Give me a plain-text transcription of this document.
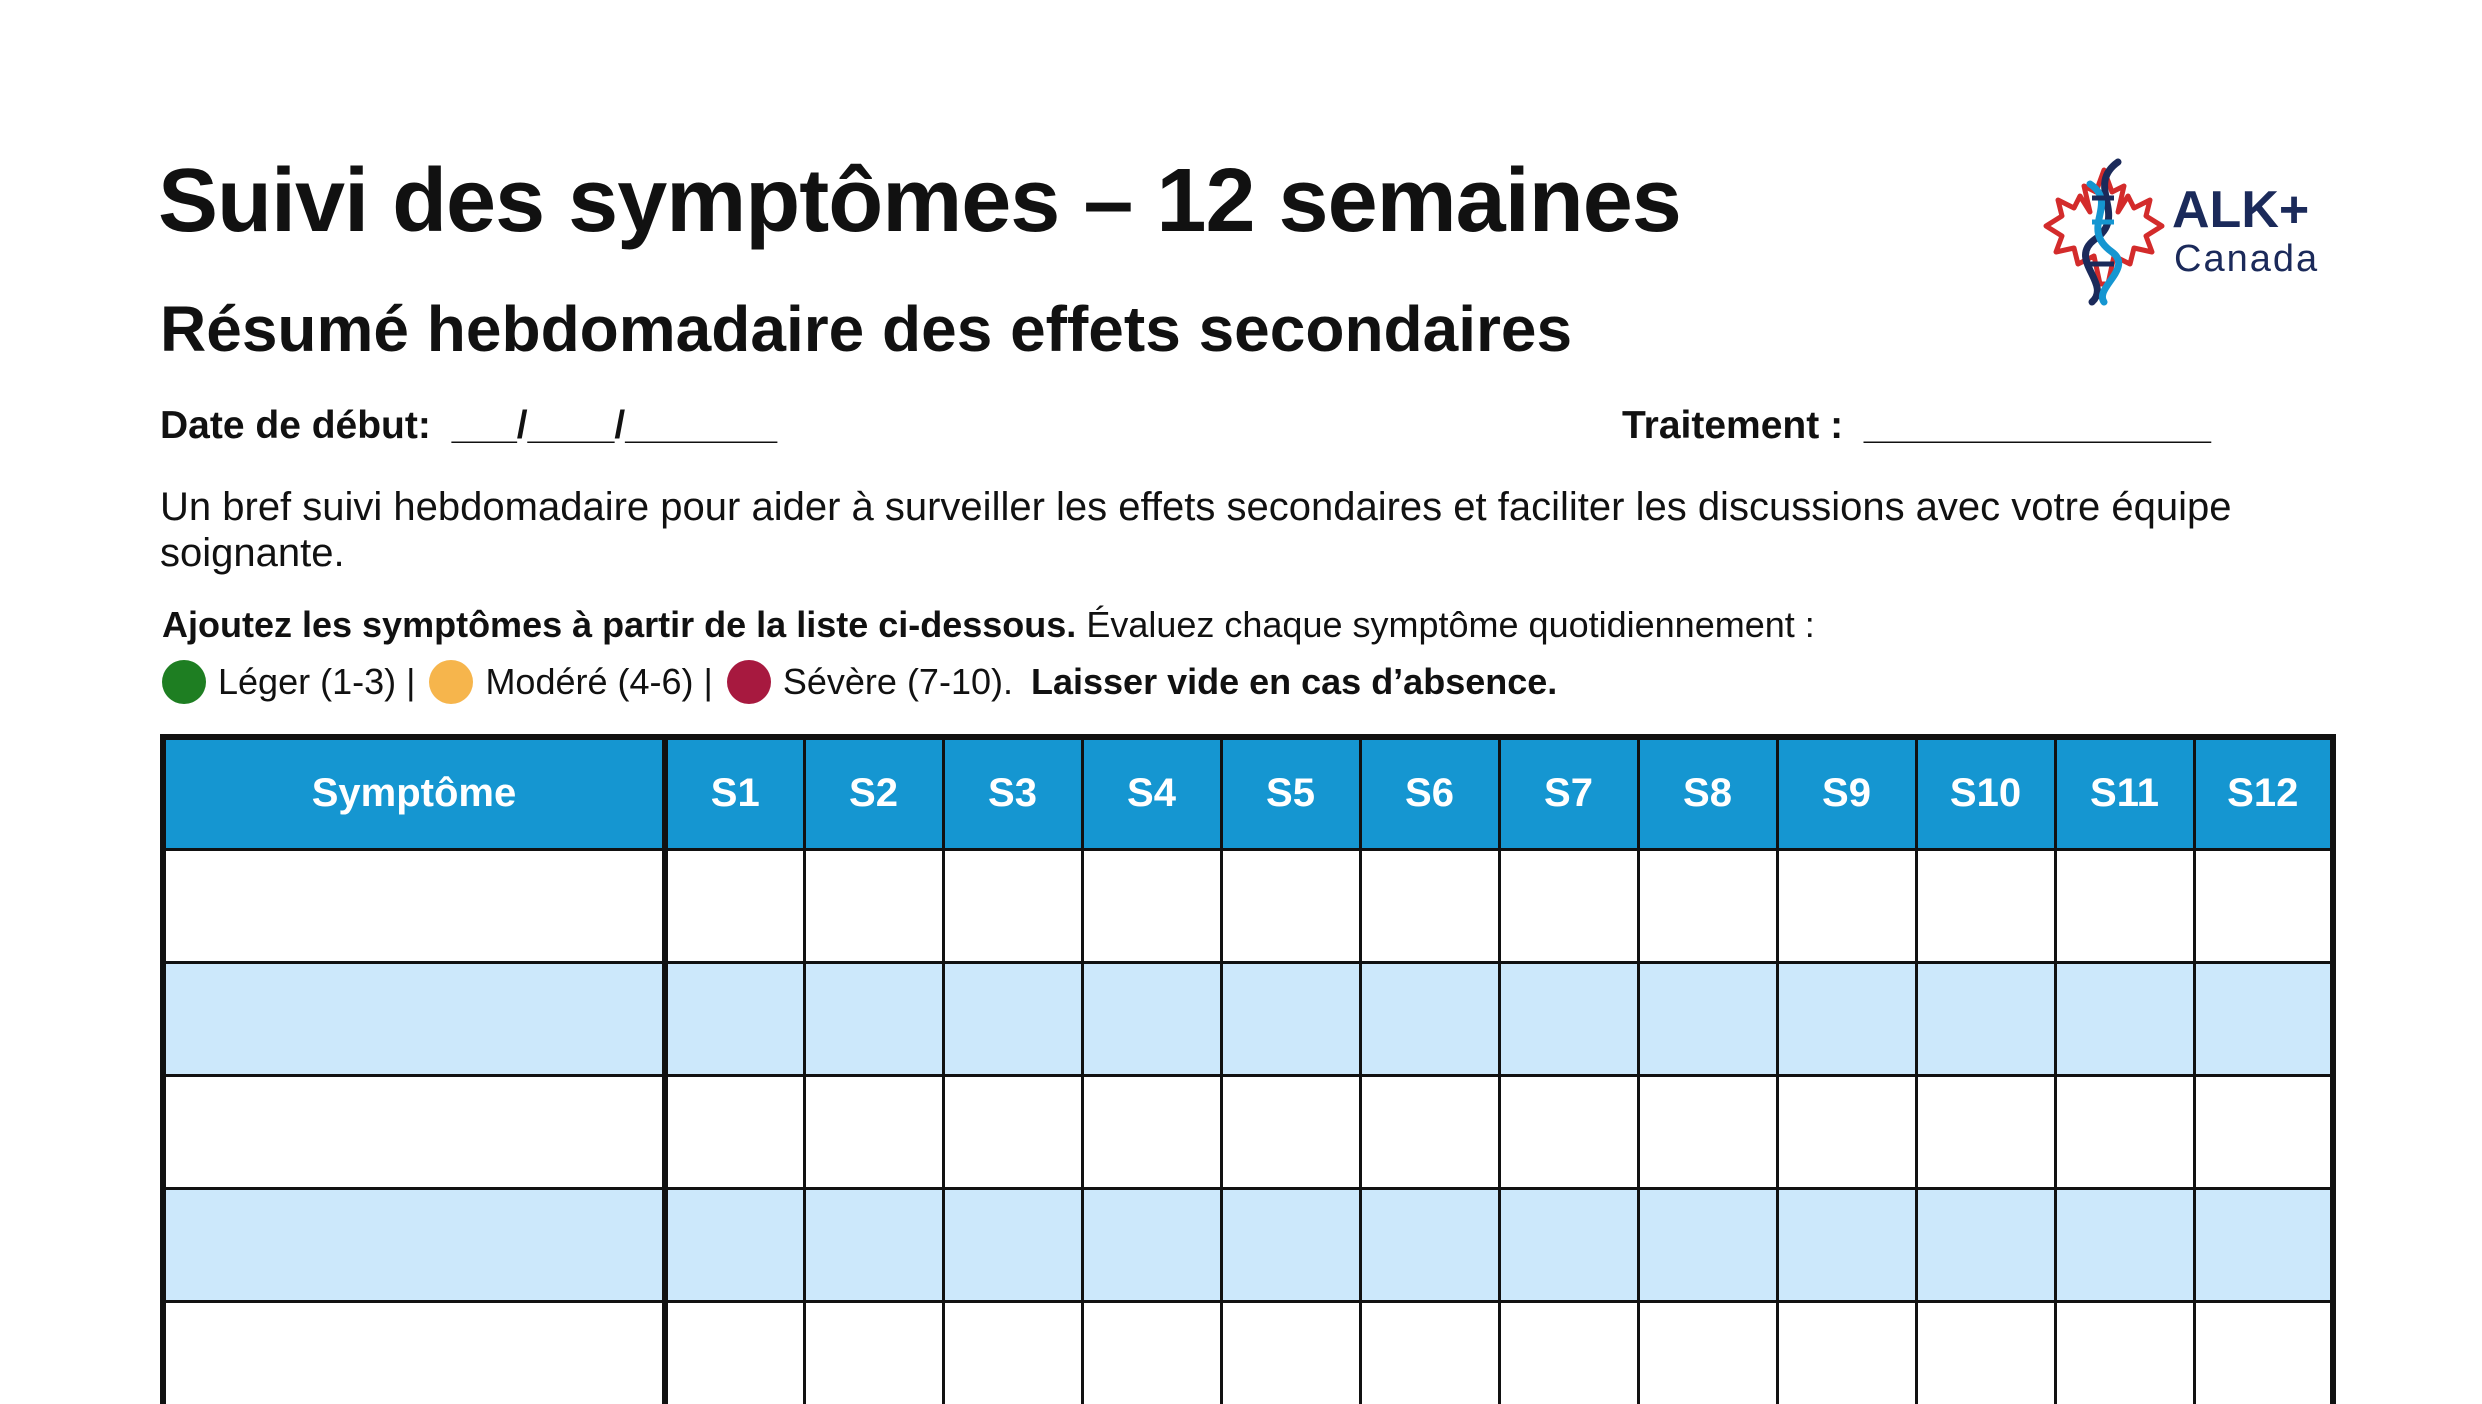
Suivi des symptômes – 12 semaines
Résumé hebdomadaire des effets secondaires
ALK+
Canada
Date de début: ___/____/_______	Traitement : ________________
Un bref suivi hebdomadaire pour aider à surveiller les effets secondaires et faciliter les discussions avec votre équipe soignante.
Ajoutez les symptômes à partir de la liste ci-dessous. Évaluez chaque symptôme quotidiennement :
Léger (1-3) | Modéré (4-6) | Sévère (7-10). Laisser vide en cas d’absence.
Symptôme	S1	S2	S3	S4	S5	S6	S7	S8	S9	S10	S11	S12
